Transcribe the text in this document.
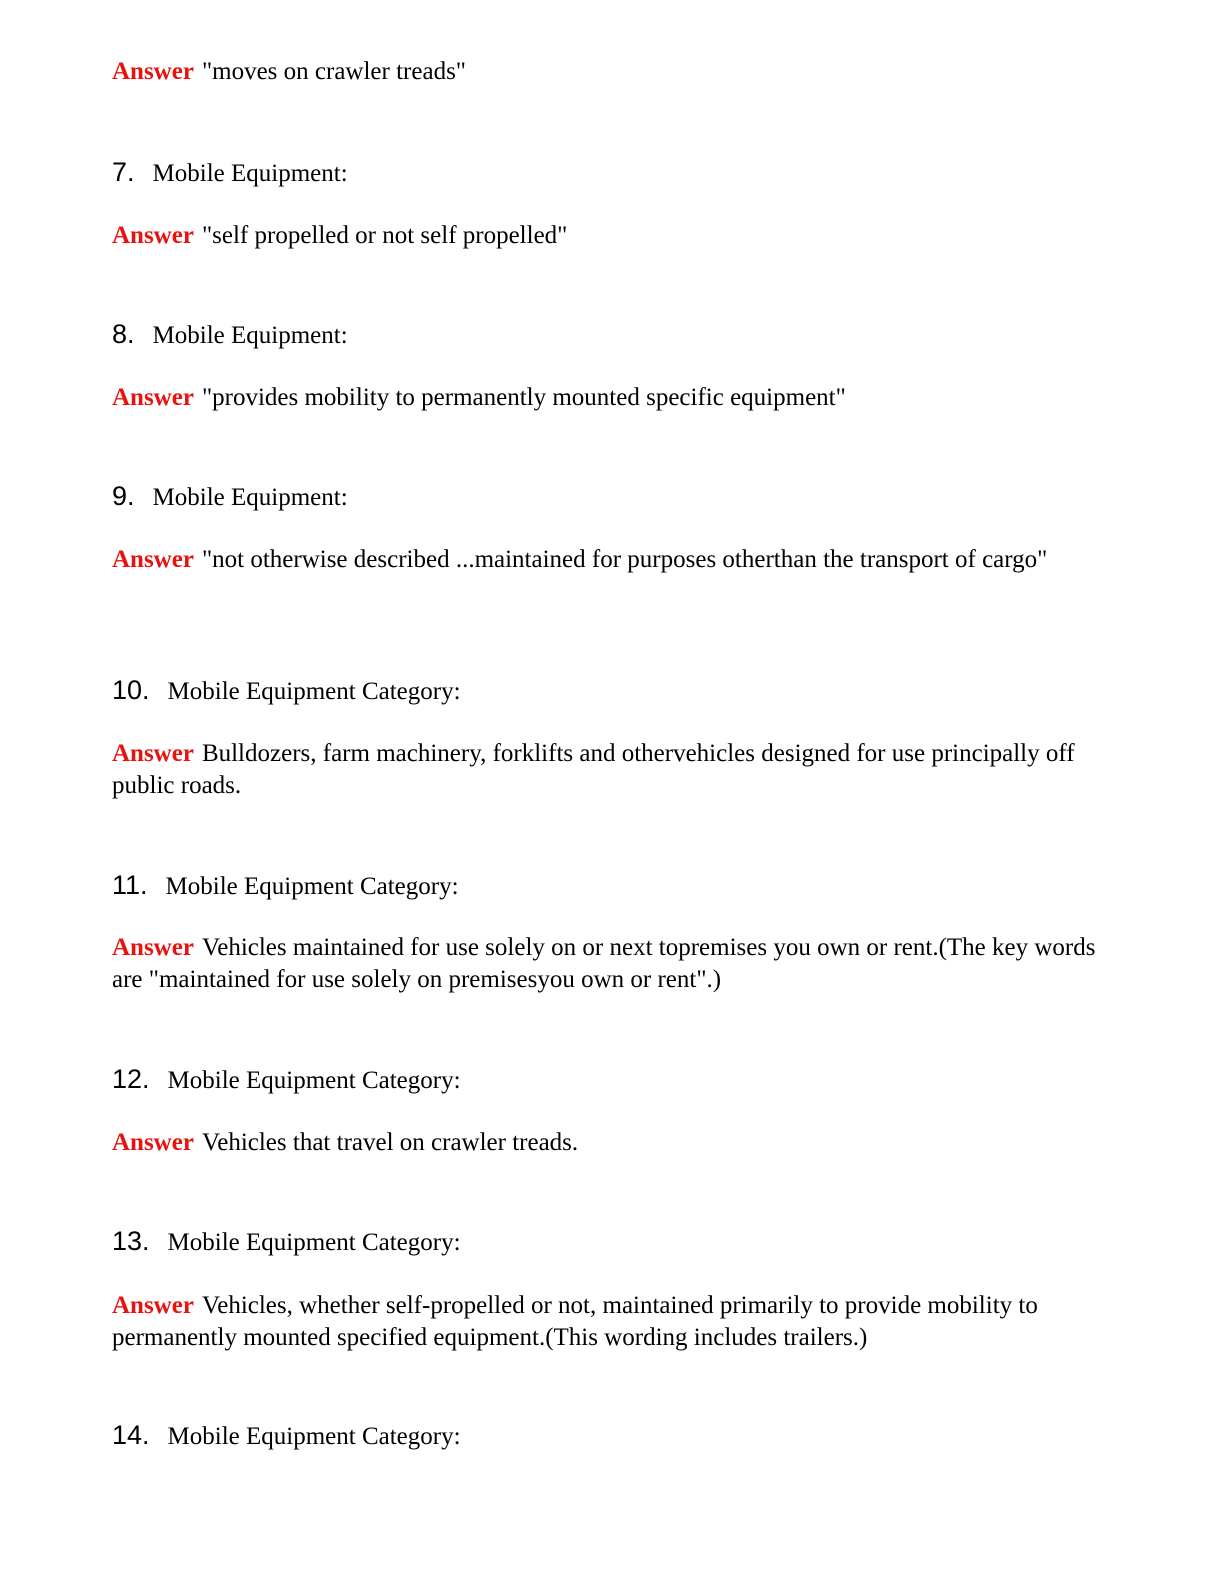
Answer "moves on crawler treads"
7. Mobile Equipment:
Answer "self propelled or not self propelled"
8. Mobile Equipment:
Answer "provides mobility to permanently mounted specific equipment"
9. Mobile Equipment:
Answer "not otherwise described ...maintained for purposes otherthan the transport of cargo"
10. Mobile Equipment Category:
Answer Bulldozers, farm machinery, forklifts and othervehicles designed for use principally off public roads.
11. Mobile Equipment Category:
Answer Vehicles maintained for use solely on or next topremises you own or rent.(The key words are "maintained for use solely on premisesyou own or rent".)
12. Mobile Equipment Category:
Answer Vehicles that travel on crawler treads.
13. Mobile Equipment Category:
Answer Vehicles, whether self-propelled or not, maintained primarily to provide mobility to permanently mounted specified equipment.(This wording includes trailers.)
14. Mobile Equipment Category:
